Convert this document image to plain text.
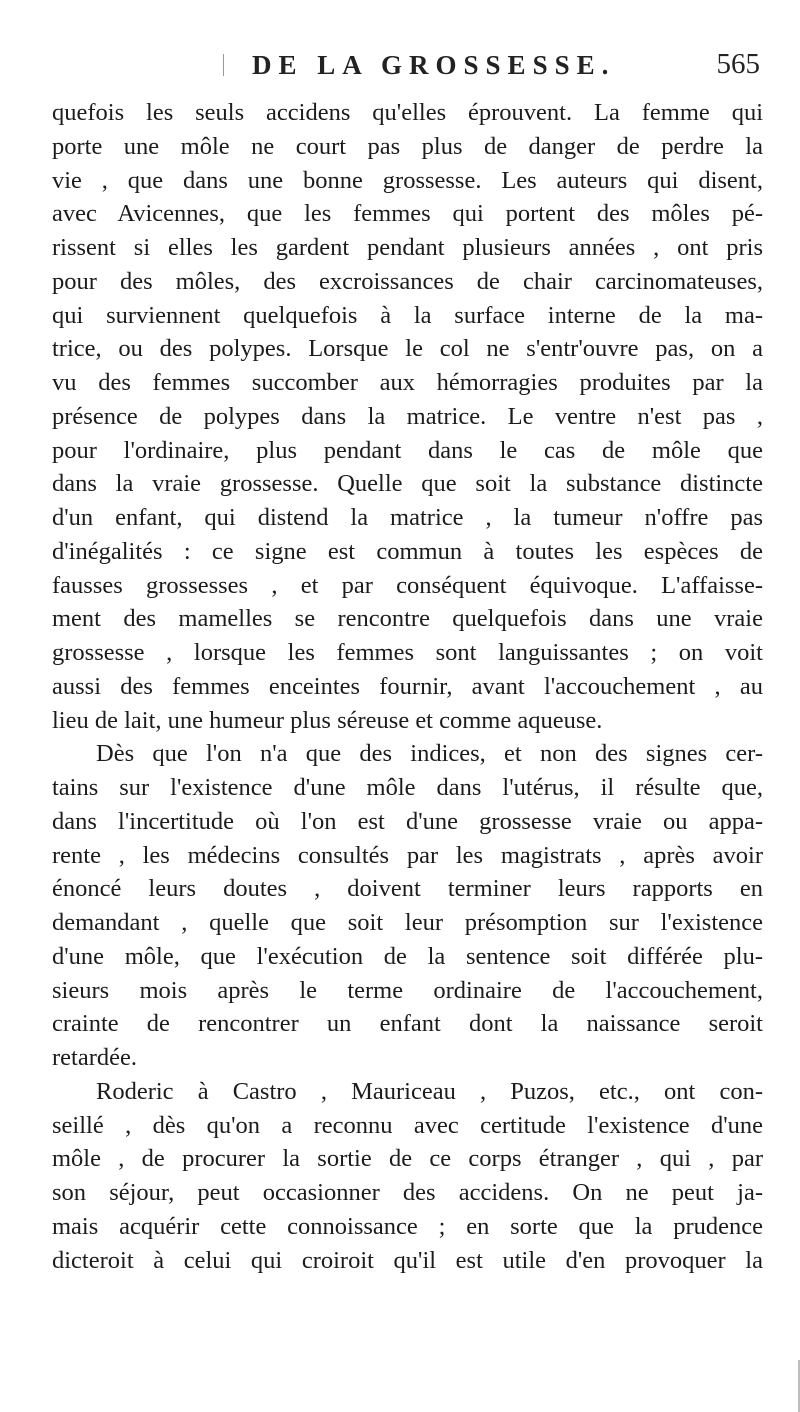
DE LA GROSSESSE.	565
quefois les seuls accidens qu'elles éprouvent. La femme qui
porte une môle ne court pas plus de danger de perdre la
vie , que dans une bonne grossesse. Les auteurs qui disent,
avec Avicennes, que les femmes qui portent des môles pé-
rissent si elles les gardent pendant plusieurs années , ont pris
pour des môles, des excroissances de chair carcinomateuses,
qui surviennent quelquefois à la surface interne de la ma-
trice, ou des polypes. Lorsque le col ne s'entr'ouvre pas, on a
vu des femmes succomber aux hémorragies produites par la
présence de polypes dans la matrice. Le ventre n'est pas ,
pour l'ordinaire, plus pendant dans le cas de môle que
dans la vraie grossesse. Quelle que soit la substance distincte
d'un enfant, qui distend la matrice , la tumeur n'offre pas
d'inégalités : ce signe est commun à toutes les espèces de
fausses grossesses , et par conséquent équivoque. L'affaisse-
ment des mamelles se rencontre quelquefois dans une vraie
grossesse , lorsque les femmes sont languissantes ; on voit
aussi des femmes enceintes fournir, avant l'accouchement , au
lieu de lait, une humeur plus séreuse et comme aqueuse.
Dès que l'on n'a que des indices, et non des signes cer-
tains sur l'existence d'une môle dans l'utérus, il résulte que,
dans l'incertitude où l'on est d'une grossesse vraie ou appa-
rente , les médecins consultés par les magistrats , après avoir
énoncé leurs doutes , doivent terminer leurs rapports en
demandant , quelle que soit leur présomption sur l'existence
d'une môle, que l'exécution de la sentence soit différée plu-
sieurs mois après le terme ordinaire de l'accouchement,
crainte de rencontrer un enfant dont la naissance seroit
retardée.
Roderic à Castro , Mauriceau , Puzos, etc., ont con-
seillé , dès qu'on a reconnu avec certitude l'existence d'une
môle , de procurer la sortie de ce corps étranger , qui , par
son séjour, peut occasionner des accidens. On ne peut ja-
mais acquérir cette connoissance ; en sorte que la prudence
dicteroit à celui qui croiroit qu'il est utile d'en provoquer la
